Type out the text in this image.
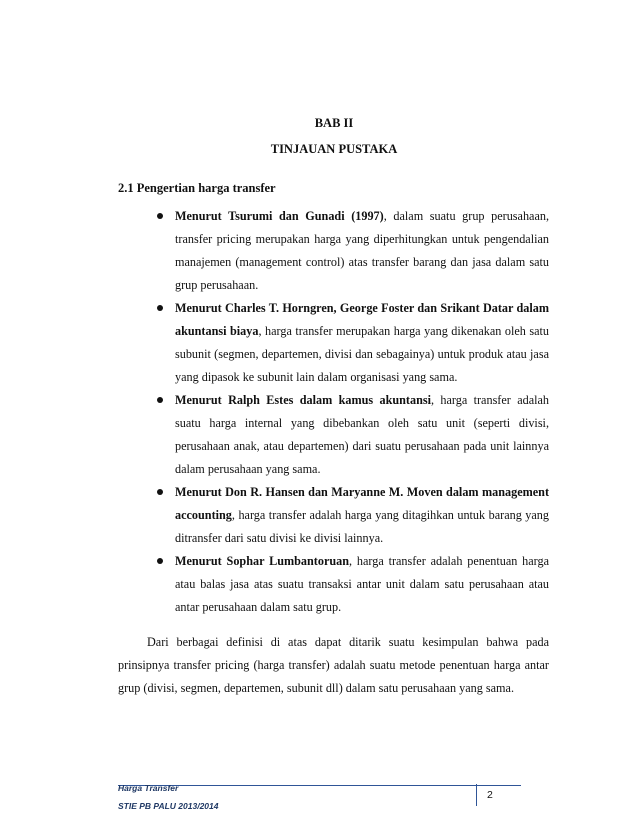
BAB II
TINJAUAN PUSTAKA
2.1 Pengertian harga transfer
Menurut Tsurumi dan Gunadi (1997), dalam suatu grup perusahaan, transfer pricing merupakan harga yang diperhitungkan untuk pengendalian manajemen (management control) atas transfer barang dan jasa dalam satu grup perusahaan.
Menurut Charles T. Horngren, George Foster dan Srikant Datar dalam akuntansi biaya, harga transfer merupakan harga yang dikenakan oleh satu subunit (segmen, departemen, divisi dan sebagainya) untuk produk atau jasa yang dipasok ke subunit lain dalam organisasi yang sama.
Menurut Ralph Estes dalam kamus akuntansi, harga transfer adalah suatu harga internal yang dibebankan oleh satu unit (seperti divisi, perusahaan anak, atau departemen) dari suatu perusahaan pada unit lainnya dalam perusahaan yang sama.
Menurut Don R. Hansen dan Maryanne M. Moven dalam management accounting, harga transfer adalah harga yang ditagihkan untuk barang yang ditransfer dari satu divisi ke divisi lainnya.
Menurut Sophar Lumbantoruan, harga transfer adalah penentuan harga atau balas jasa atas suatu transaksi antar unit dalam satu perusahaan atau antar perusahaan dalam satu grup.

Dari berbagai definisi di atas dapat ditarik suatu kesimpulan bahwa pada prinsipnya transfer pricing (harga transfer) adalah suatu metode penentuan harga antar grup (divisi, segmen, departemen, subunit dll) dalam satu perusahaan yang sama.

Harga Transfer
STIE PB PALU 2013/2014
2
